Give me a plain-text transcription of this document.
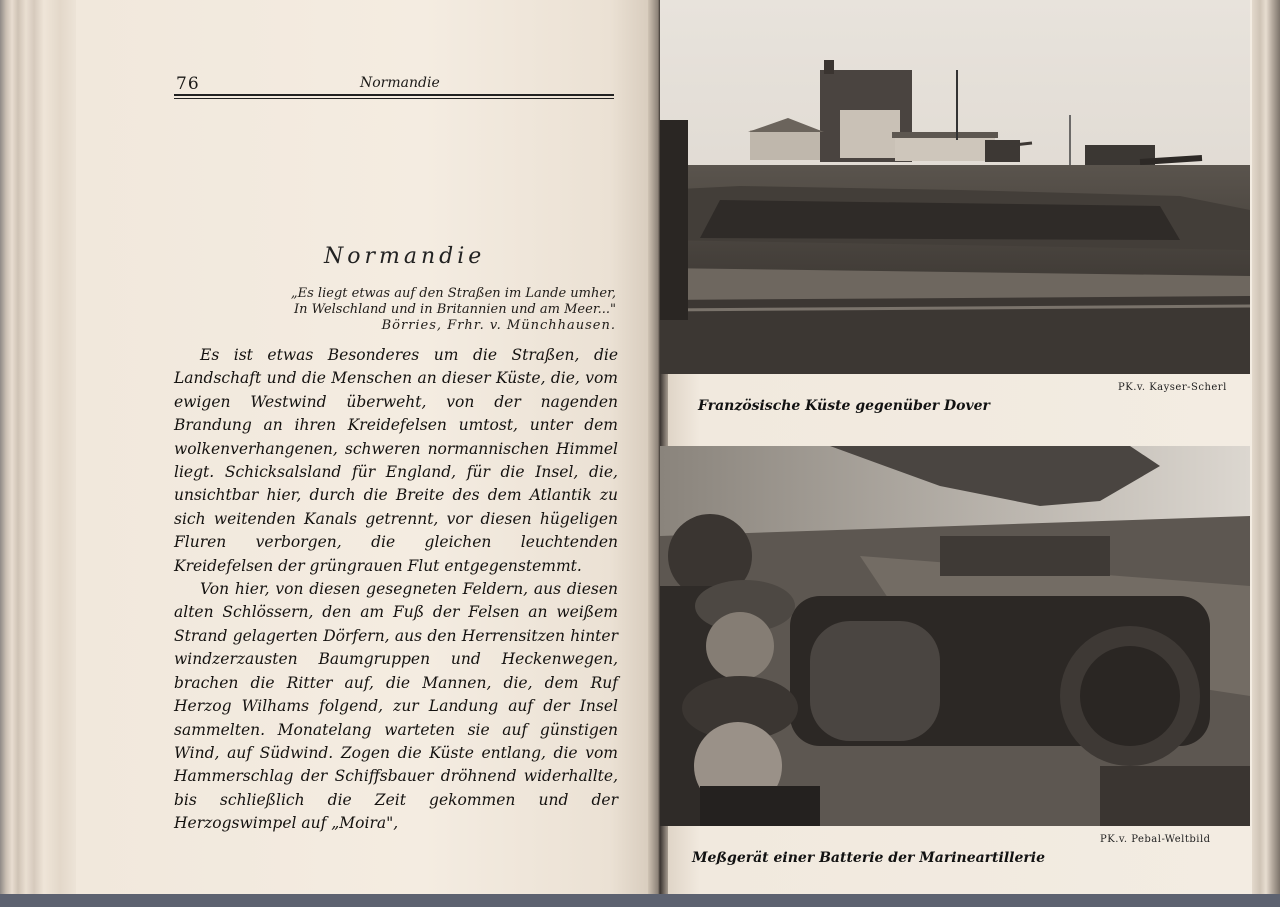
76	Normandie
Normandie
„Es liegt etwas auf den Straßen im Lande umher,
In Welschland und in Britannien und am Meer..."
Börries, Frhr. v. Münchhausen.

Es ist etwas Besonderes um die Straßen, die Landschaft und die Menschen an dieser Küste, die, vom ewigen Westwind überweht, von der nagenden Brandung an ihren Kreidefelsen umtost, unter dem wolkenverhangenen, schweren normannischen Himmel liegt. Schicksalsland für England, für die Insel, die, unsichtbar hier, durch die Breite des dem Atlantik zu sich weitenden Kanals getrennt, vor diesen hügeligen Fluren verborgen, die gleichen leuchtenden Kreidefelsen der grüngrauen Flut entgegenstemmt.

Von hier, von diesen gesegneten Feldern, aus diesen alten Schlössern, den am Fuß der Felsen an weißem Strand gelagerten Dörfern, aus den Herrensitzen hinter windzerzausten Baumgruppen und Heckenwegen, brachen die Ritter auf, die Mannen, die, dem Ruf Herzog Wilhams folgend, zur Landung auf der Insel sammelten. Monatelang warteten sie auf günstigen Wind, auf Südwind. Zogen die Küste entlang, die vom Hammerschlag der Schiffsbauer dröhnend widerhallte, bis schließlich die Zeit gekommen und der Herzogswimpel auf „Moira",

PK.v. Kayser-Scherl
Französische Küste gegenüber Dover
PK.v. Pebal-Weltbild
Meßgerät einer Batterie der Marineartillerie
